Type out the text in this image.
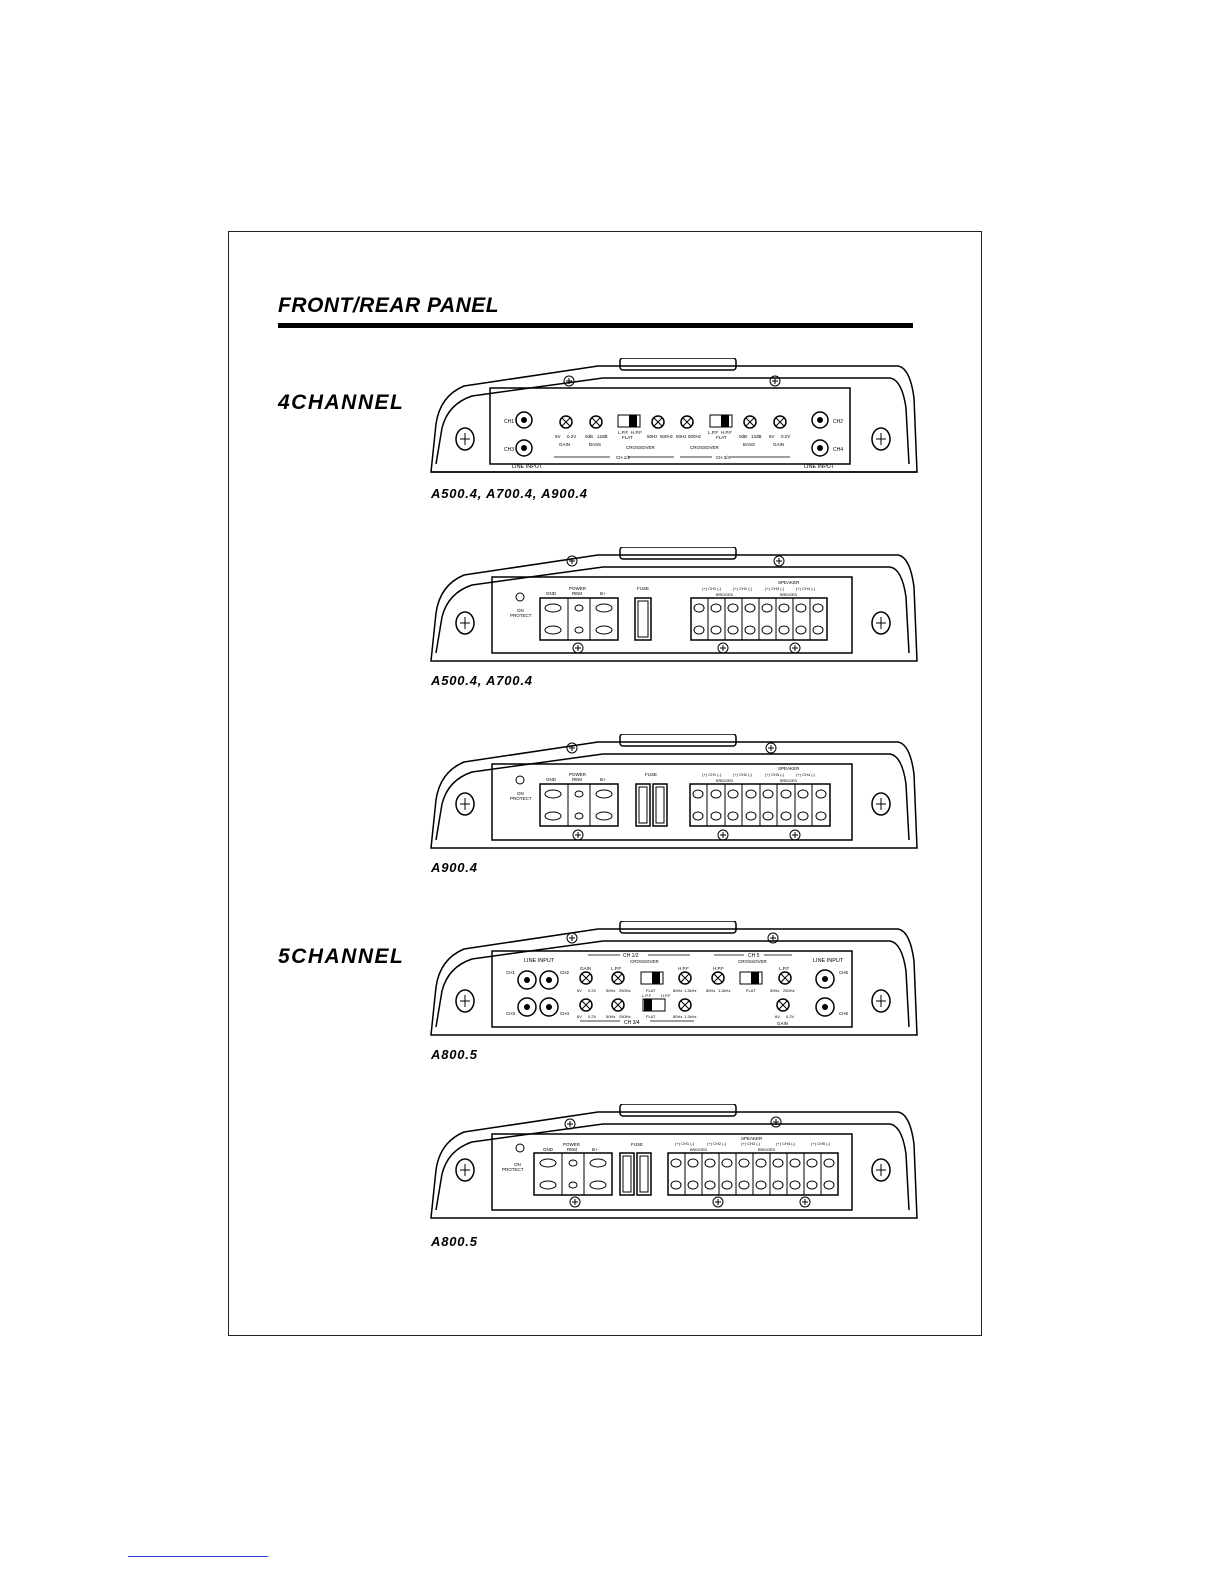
FRONT/REAR PANEL
4CHANNEL
5CHANNEL
CH1
CH3
LINE INPUT
CH2
CH4
LINE INPUT
6V 0.2V
GAIN
0dB 12dB
BASS
L.P.F H.P.F
FLAT	50Hz 500Hz 50Hz 500Hz
L.P.F H.P.F
FLAT	0dB 12dB
BASS
6V 0.2V
GAIN
CROSSOVER	CROSSOVER
CH 1/2	CH 3/4
A500.4, A700.4, A900.4
ON
PROTECT
POWER
REM
GND	B+
FUSE
SPEAKER
(+) CH1 (-)	(+) CH2 (-)	(+) CH3 (-)	(+) CH4 (-)
BRIDGED	BRIDGED
A500.4, A700.4
ON
PROTECT
POWER
REM
GND	B+
FUSE
SPEAKER
(+) CH1 (-)	(+) CH2 (-)	(+) CH3 (-)	(+) CH4 (-)
BRIDGED	BRIDGED
A900.4
LINE INPUT
CH1	CH2
CH3	CH4
LINE INPUT
CH5
CH5
CH 1/2
CROSSOVER
CH 5
CROSSOVER
GAIN	L.P.F	H.P.F	H.P.F	L.P.F
6V 0.2V 50Hz 250Hz	FLAT	80Hz 1.2kHz 80Hz 1.2kHz	FLAT	50Hz 250Hz
L.P.F H.P.F
6V 0.2V 50Hz 250Hz	FLAT	80Hz 1.2kHz	6V 0.2V
CH 3/4	GAIN
A800.5
ON
PROTECT
POWER
REM
GND	B+
FUSE
SPEAKER
(+) CH1 (-)	(+) CH2 (-)	(+) CH3 (-)	(+) CH4 (-)	(+) CH5 (-)
BRIDGED	BRIDGED
A800.5
